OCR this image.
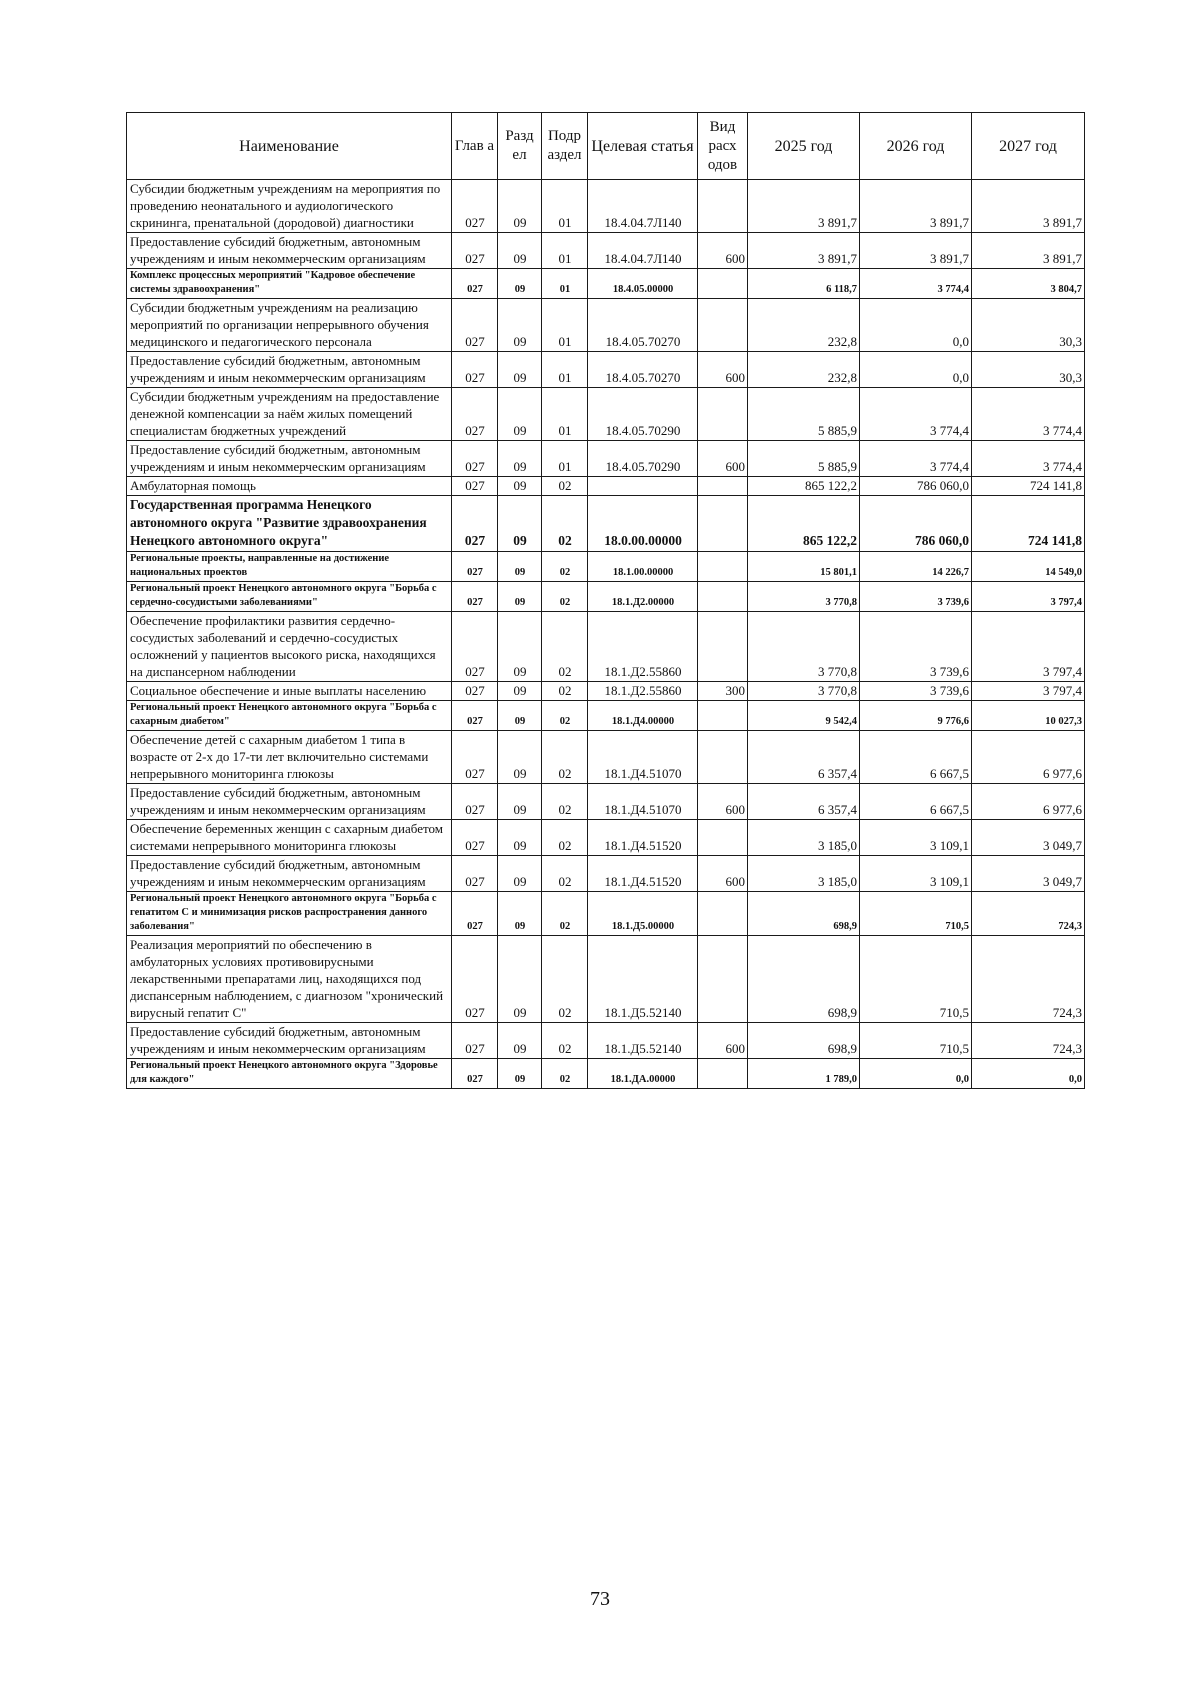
Наименование	Глав а	Разд ел	Подр аздел	Целевая статья	Вид расх одов	2025 год	2026 год	2027 год
Субсидии бюджетным учреждениям на мероприятия по проведению неонатального и аудиологического скрининга, пренатальной (дородовой) диагностики	027	09	01	18.4.04.7Л140		3 891,7	3 891,7	3 891,7
Предоставление субсидий бюджетным, автономным учреждениям и иным некоммерческим организациям	027	09	01	18.4.04.7Л140	600	3 891,7	3 891,7	3 891,7
Комплекс процессных мероприятий "Кадровое обеспечение системы здравоохранения"	027	09	01	18.4.05.00000		6 118,7	3 774,4	3 804,7
Субсидии бюджетным учреждениям на реализацию мероприятий по организации непрерывного обучения медицинского и педагогического персонала	027	09	01	18.4.05.70270		232,8	0,0	30,3
Предоставление субсидий бюджетным, автономным учреждениям и иным некоммерческим организациям	027	09	01	18.4.05.70270	600	232,8	0,0	30,3
Субсидии бюджетным учреждениям на предоставление денежной компенсации за наём жилых помещений специалистам бюджетных учреждений	027	09	01	18.4.05.70290		5 885,9	3 774,4	3 774,4
Предоставление субсидий бюджетным, автономным учреждениям и иным некоммерческим организациям	027	09	01	18.4.05.70290	600	5 885,9	3 774,4	3 774,4
Амбулаторная помощь	027	09	02			865 122,2	786 060,0	724 141,8
Государственная программа Ненецкого автономного округа "Развитие здравоохранения Ненецкого автономного округа"	027	09	02	18.0.00.00000		865 122,2	786 060,0	724 141,8
Региональные проекты, направленные на достижение национальных проектов	027	09	02	18.1.00.00000		15 801,1	14 226,7	14 549,0
Региональный проект Ненецкого автономного округа "Борьба с сердечно-сосудистыми заболеваниями"	027	09	02	18.1.Д2.00000		3 770,8	3 739,6	3 797,4
Обеспечение профилактики развития сердечно-сосудистых заболеваний и сердечно-сосудистых осложнений у пациентов высокого риска, находящихся на диспансерном наблюдении	027	09	02	18.1.Д2.55860		3 770,8	3 739,6	3 797,4
Социальное обеспечение и иные выплаты населению	027	09	02	18.1.Д2.55860	300	3 770,8	3 739,6	3 797,4
Региональный проект Ненецкого автономного округа "Борьба с сахарным диабетом"	027	09	02	18.1.Д4.00000		9 542,4	9 776,6	10 027,3
Обеспечение детей с сахарным диабетом 1 типа в возрасте от 2-х до 17-ти лет включительно системами непрерывного мониторинга глюкозы	027	09	02	18.1.Д4.51070		6 357,4	6 667,5	6 977,6
Предоставление субсидий бюджетным, автономным учреждениям и иным некоммерческим организациям	027	09	02	18.1.Д4.51070	600	6 357,4	6 667,5	6 977,6
Обеспечение беременных женщин с сахарным диабетом системами непрерывного мониторинга глюкозы	027	09	02	18.1.Д4.51520		3 185,0	3 109,1	3 049,7
Предоставление субсидий бюджетным, автономным учреждениям и иным некоммерческим организациям	027	09	02	18.1.Д4.51520	600	3 185,0	3 109,1	3 049,7
Региональный проект Ненецкого автономного округа "Борьба с гепатитом С и минимизация рисков распространения данного заболевания"	027	09	02	18.1.Д5.00000		698,9	710,5	724,3
Реализация мероприятий по обеспечению в амбулаторных условиях противовирусными лекарственными препаратами лиц, находящихся под диспансерным наблюдением, с диагнозом "хронический вирусный гепатит С"	027	09	02	18.1.Д5.52140		698,9	710,5	724,3
Предоставление субсидий бюджетным, автономным учреждениям и иным некоммерческим организациям	027	09	02	18.1.Д5.52140	600	698,9	710,5	724,3
Региональный проект Ненецкого автономного округа "Здоровье для каждого"	027	09	02	18.1.ДА.00000		1 789,0	0,0	0,0
73
